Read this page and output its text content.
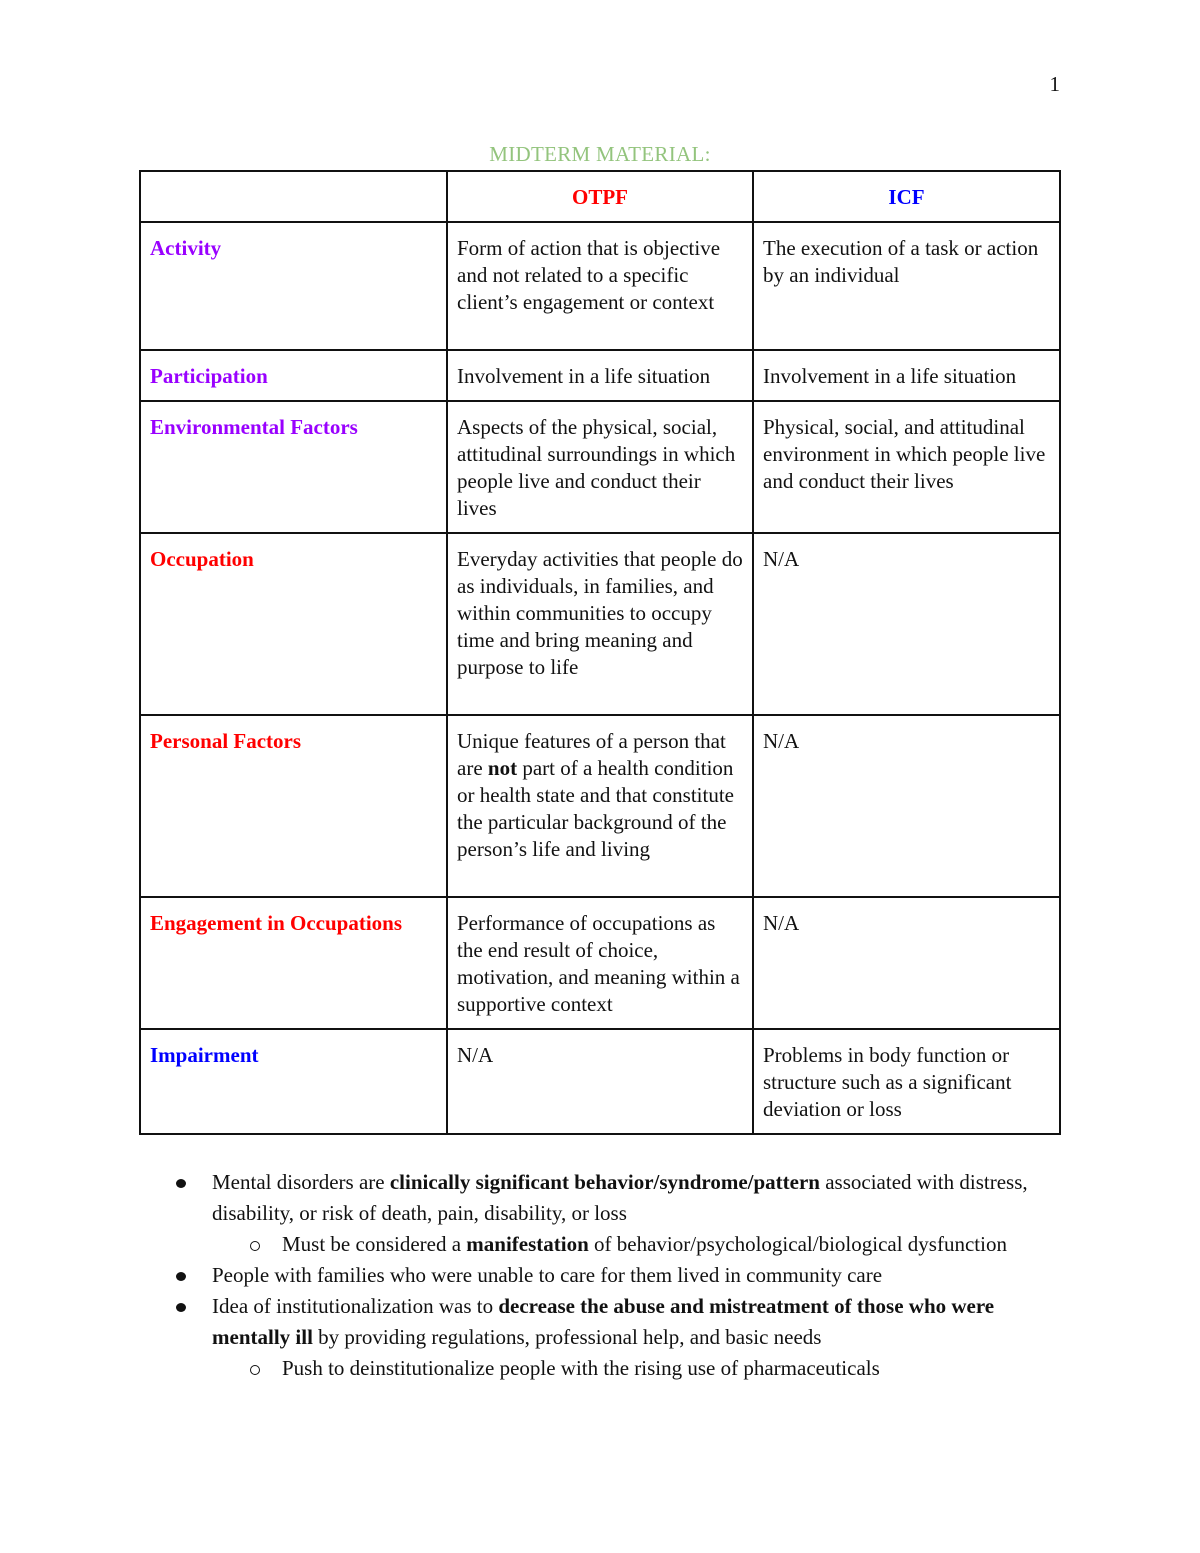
1
MIDTERM MATERIAL:
	OTPF	ICF
Activity	Form of action that is objective and not related to a specific client’s engagement or context	The execution of a task or action by an individual
Participation	Involvement in a life situation	Involvement in a life situation
Environmental Factors	Aspects of the physical, social, attitudinal surroundings in which people live and conduct their lives	Physical, social, and attitudinal environment in which people live and conduct their lives
Occupation	Everyday activities that people do as individuals, in families, and within communities to occupy time and bring meaning and purpose to life	N/A
Personal Factors	Unique features of a person that are not part of a health condition or health state and that constitute the particular background of the person’s life and living	N/A
Engagement in Occupations	Performance of occupations as the end result of choice, motivation, and meaning within a supportive context	N/A
Impairment	N/A	Problems in body function or structure such as a significant deviation or loss
Mental disorders are clinically significant behavior/syndrome/pattern associated with distress, disability, or risk of death, pain, disability, or loss
Must be considered a manifestation of behavior/psychological/biological dysfunction
People with families who were unable to care for them lived in community care
Idea of institutionalization was to decrease the abuse and mistreatment of those who were mentally ill by providing regulations, professional help, and basic needs
Push to deinstitutionalize people with the rising use of pharmaceuticals
